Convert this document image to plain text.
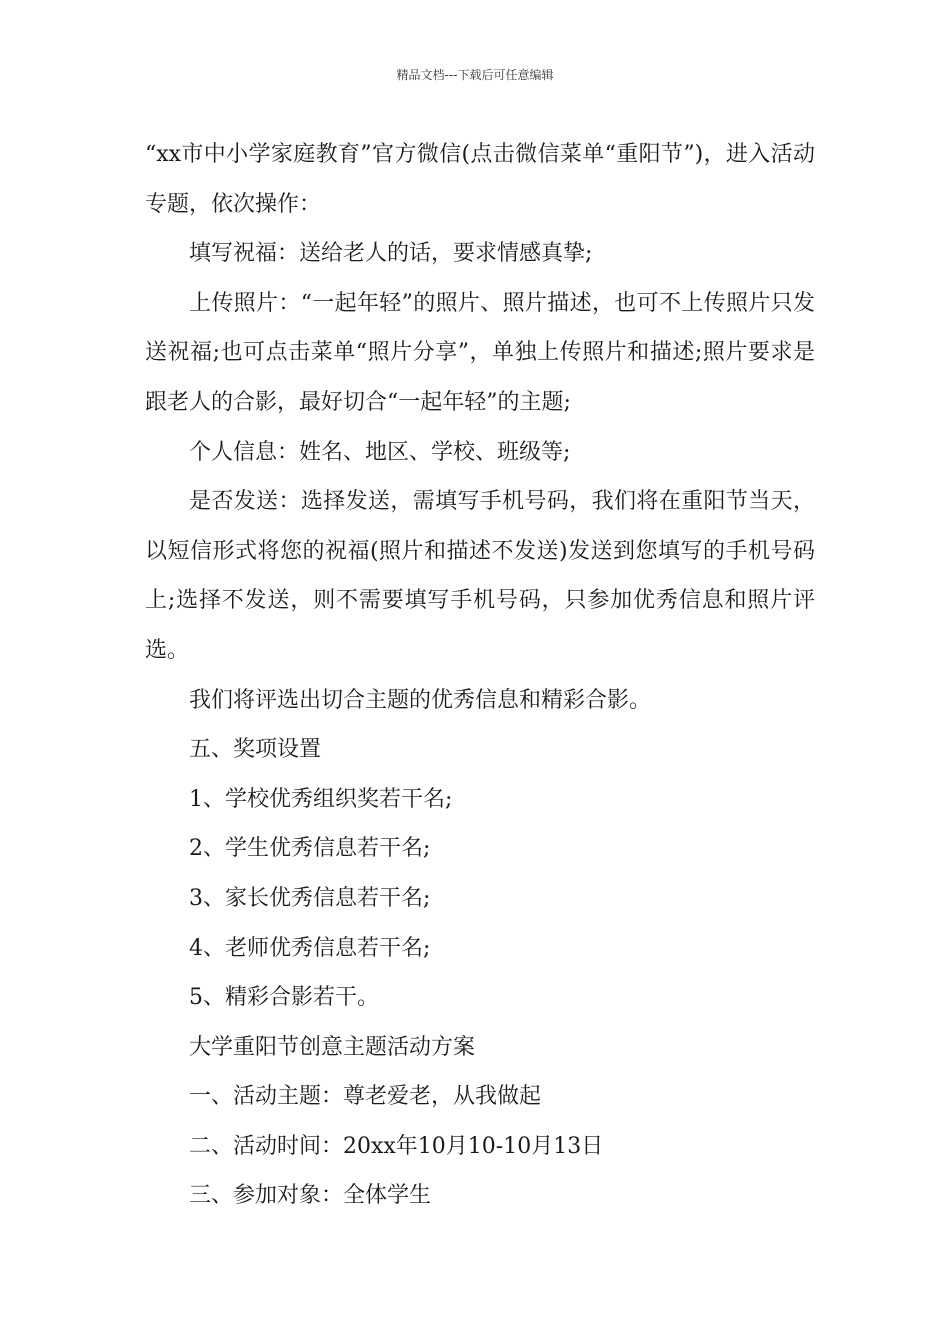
精品文档---下载后可任意编辑

“xx市中小学家庭教育”官方微信(点击微信菜单“重阳节”)，进入活动专题，依次操作：

填写祝福：送给老人的话，要求情感真挚;

上传照片：“一起年轻”的照片、照片描述，也可不上传照片只发送祝福;也可点击菜单“照片分享”，单独上传照片和描述;照片要求是跟老人的合影，最好切合“一起年轻”的主题;

个人信息：姓名、地区、学校、班级等;

是否发送：选择发送，需填写手机号码，我们将在重阳节当天，以短信形式将您的祝福(照片和描述不发送)发送到您填写的手机号码上;选择不发送，则不需要填写手机号码，只参加优秀信息和照片评选。

我们将评选出切合主题的优秀信息和精彩合影。

五、奖项设置

1、学校优秀组织奖若干名;

2、学生优秀信息若干名;

3、家长优秀信息若干名;

4、老师优秀信息若干名;

5、精彩合影若干。

大学重阳节创意主题活动方案

一、活动主题：尊老爱老，从我做起

二、活动时间：20xx年10月10-10月13日

三、参加对象：全体学生
